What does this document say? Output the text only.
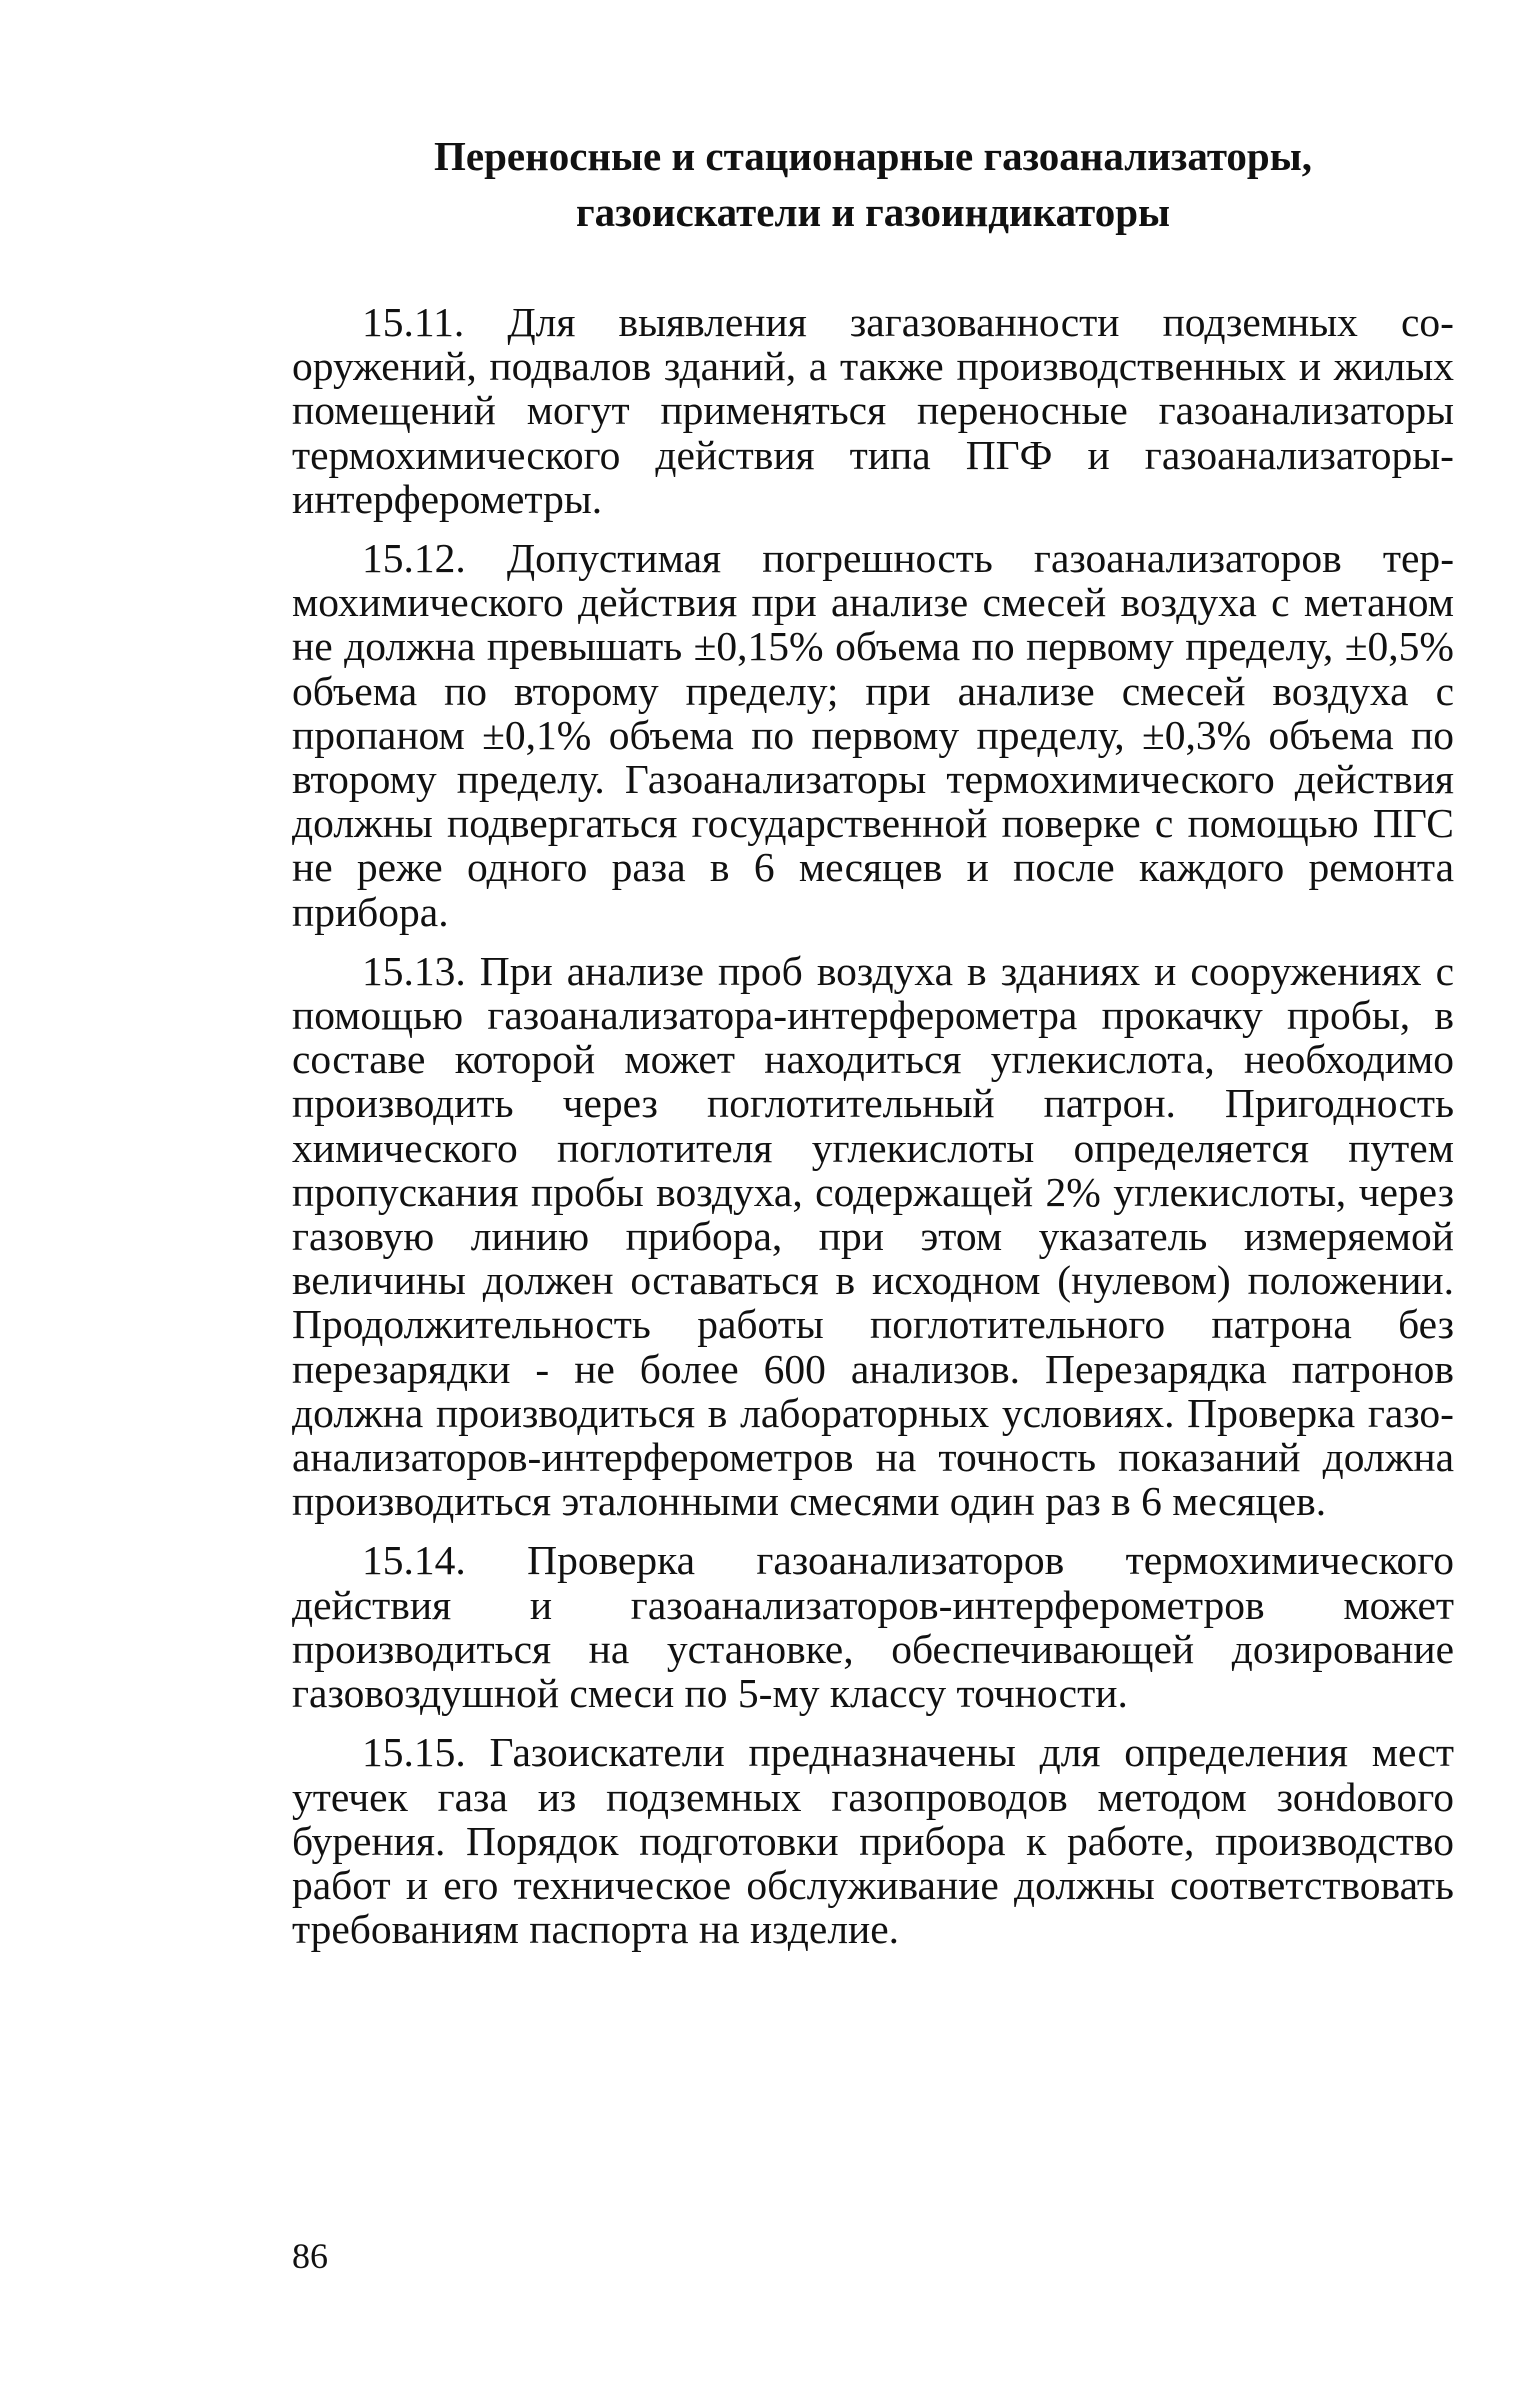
Переносные и стационарные газоанализаторы,
газоискатели и газоиндикаторы

15.11. Для выявления загазованности подземных сооружений, подвалов зданий, а также производственных и жилых помещений могут применяться переносные газоанализаторы термохимического действия типа ПГФ и газоанализаторы-интерферометры.

15.12. Допустимая погрешность газоанализаторов термохимического действия при анализе смесей воздуха с метаном не должна превышать ±0,15% объема по первому пределу, ±0,5% объема по второму пределу; при анализе смесей воздуха с пропаном ±0,1% объема по первому пределу, ±0,3% объема по второму пределу. Газоанализаторы термохимического действия должны подвергаться государственной поверке с помощью ПГС не реже одного раза в 6 месяцев и после каждого ремонта прибора.

15.13. При анализе проб воздуха в зданиях и сооружениях с помощью газоанализатора-интерферометра прокачку пробы, в составе которой может находиться углекислота, необходимо производить через поглотительный патрон. Пригодность химического поглотителя углекислоты определяется путем пропускания пробы воздуха, содержащей 2% углекислоты, через газовую линию прибора, при этом указатель измеряемой величины должен оставаться в исходном (нулевом) положении. Продолжительность работы поглотительного патрона без перезарядки - не более 600 анализов. Перезарядка патронов должна производиться в лабораторных условиях. Проверка газоанализаторов-интерферометров на точность показаний должна производиться эталонными смесями один раз в 6 месяцев.

15.14. Проверка газоанализаторов термохимического действия и газоанализаторов-интерферометров может производиться на установке, обеспечивающей дозирование газовоздушной смеси по 5-му классу точности.

15.15. Газоискатели предназначены для определения мест утечек газа из подземных газопроводов методом зонdового бурения. Порядок подготовки прибора к работе, производство работ и его техническое обслуживание должны соответствовать требованиям паспорта на изделие.

86
